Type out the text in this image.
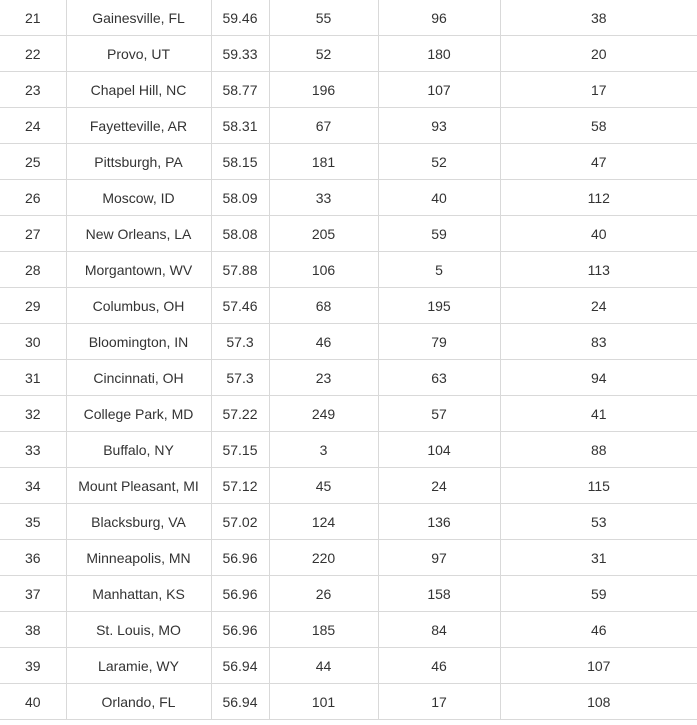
21	Gainesville, FL	59.46	55	96	38
22	Provo, UT	59.33	52	180	20
23	Chapel Hill, NC	58.77	196	107	17
24	Fayetteville, AR	58.31	67	93	58
25	Pittsburgh, PA	58.15	181	52	47
26	Moscow, ID	58.09	33	40	112
27	New Orleans, LA	58.08	205	59	40
28	Morgantown, WV	57.88	106	5	113
29	Columbus, OH	57.46	68	195	24
30	Bloomington, IN	57.3	46	79	83
31	Cincinnati, OH	57.3	23	63	94
32	College Park, MD	57.22	249	57	41
33	Buffalo, NY	57.15	3	104	88
34	Mount Pleasant, MI	57.12	45	24	115
35	Blacksburg, VA	57.02	124	136	53
36	Minneapolis, MN	56.96	220	97	31
37	Manhattan, KS	56.96	26	158	59
38	St. Louis, MO	56.96	185	84	46
39	Laramie, WY	56.94	44	46	107
40	Orlando, FL	56.94	101	17	108
